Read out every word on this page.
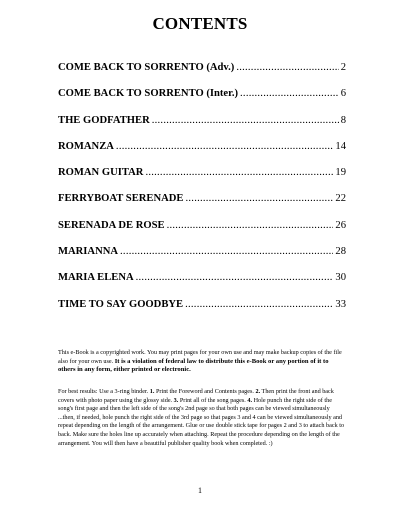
CONTENTS
COME BACK TO SORRENTO (Adv.) . . .	2
COME BACK TO SORRENTO (Inter.) . . .	6
THE GODFATHER . . .	8
ROMANZA . . .	14
ROMAN GUITAR . . .	19
FERRYBOAT SERENADE . . .	22
SERENADA DE ROSE . . .	26
MARIANNA . . .	28
MARIA ELENA . . .	30
TIME TO SAY GOODBYE . . .	33
This e-Book is a copyrighted work. You may print pages for your own use and may make backup copies of the file also for your own use. It is a violation of federal law to distribute this e-Book or any portion of it to others in any form, either printed or electronic.
For best results: Use a 3-ring binder. 1. Print the Foreword and Contents pages. 2. Then print the front and back covers with photo paper using the glossy side. 3. Print all of the song pages. 4. Hole punch the right side of the song's first page and then the left side of the song's 2nd page so that both pages can be viewed simultaneously ...then, if needed, hole punch the right side of the 3rd page so that pages 3 and 4 can be viewed simultaneously and repeat depending on the length of the arrangement. Glue or use double stick tape for pages 2 and 3 to attach back to back. Make sure the holes line up accurately when attaching. Repeat the procedure depending on the length of the arrangement. You will then have a beautiful publisher quality book when completed. :)
1
